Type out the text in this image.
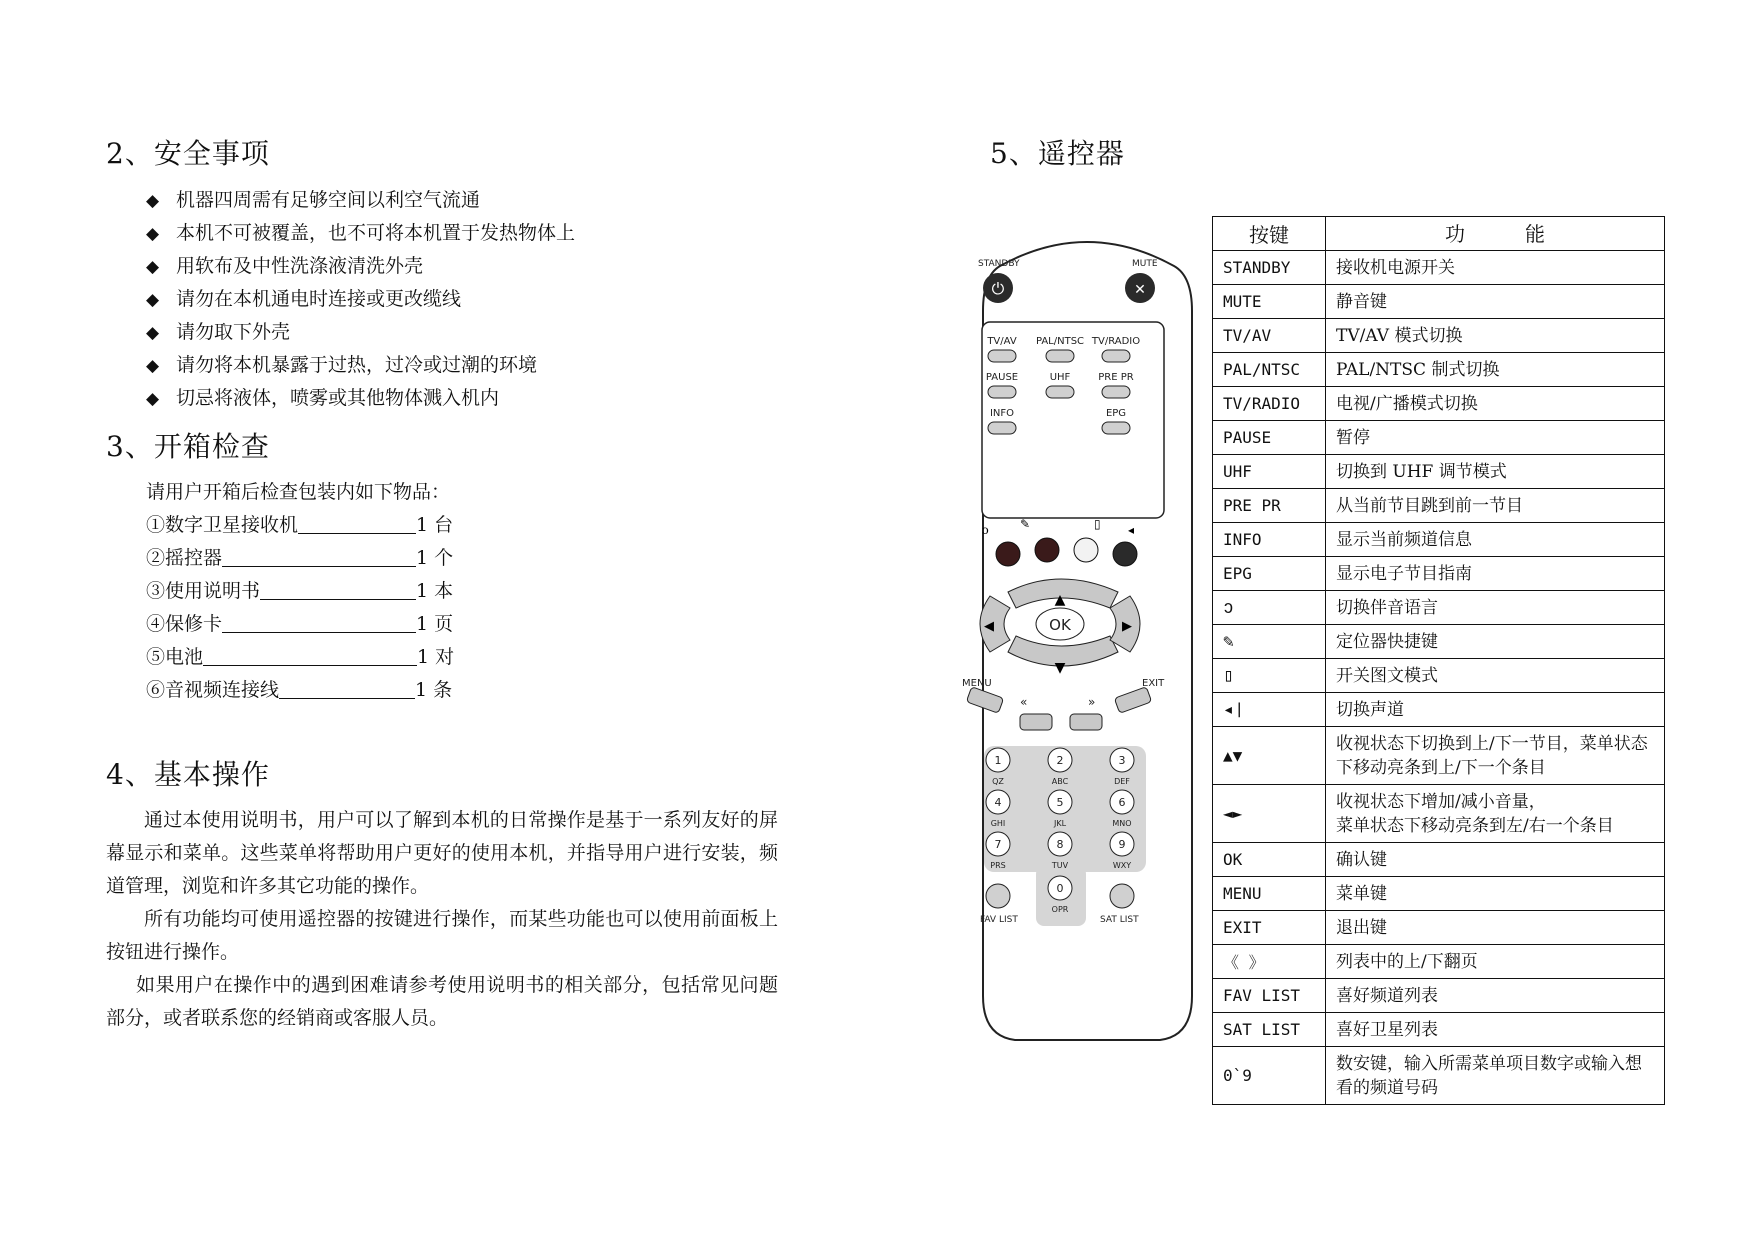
2、安全事项
◆ 机器四周需有足够空间以利空气流通
◆ 本机不可被覆盖，也不可将本机置于发热物体上
◆ 用软布及中性洗涤液清洗外壳
◆ 请勿在本机通电时连接或更改缆线
◆ 请勿取下外壳
◆ 请勿将本机暴露于过热，过冷或过潮的环境
◆ 切忌将液体，喷雾或其他物体溅入机内
3、开箱检查

请用户开箱后检查包装内如下物品：

①数字卫星接收机	1 台

②摇控器	1 个

③使用说明书	1 本

④保修卡	1 页

⑤电池	1 对

⑥音视频连接线	1 条

4、基本操作

通过本使用说明书，用户可以了解到本机的日常操作是基于一系列友好的屏幕显示和菜单。这些菜单将帮助用户更好的使用本机，并指导用户进行安装，频道管理，浏览和许多其它功能的操作。

所有功能均可使用遥控器的按键进行操作，而某些功能也可以使用前面板上按钮进行操作。

如果用户在操作中的遇到困难请参考使用说明书的相关部分，包括常见问题部分，或者联系您的经销商或客服人员。

5、遥控器
STANDBY
⏻
MUTE
✕
TV/AV PAL/NTSC TV/RADIO
PAUSE	UHF	PRE PR
INFO	EPG
ↄ	✎	▯ ◂
▲
▼
◀	▶
OK
MENU	EXIT
«	»
1
QZ
2
ABC
3
DEF
4
GHI
5
JKL
6
MNO
7
PRS
8
TUV
9
WXY
0
OPR
FAV LIST	SAT LIST
按键	功　　　能
STANDBY	接收机电源开关
MUTE	静音键
TV/AV	TV/AV 模式切换
PAL/NTSC	PAL/NTSC 制式切换
TV/RADIO	电视/广播模式切换
PAUSE	暂停
UHF	切换到 UHF 调节模式
PRE PR	从当前节目跳到前一节目
INFO	显示当前频道信息
EPG	显示电子节目指南
ↄ	切换伴音语言
✎	定位器快捷键
▯	开关图文模式
◂❘	切换声道
▲▼	收视状态下切换到上/下一节目，菜单状态下移动亮条到上/下一个条目
◄►	收视状态下增加/减小音量，
菜单状态下移动亮条到左/右一个条目
OK	确认键
MENU	菜单键
EXIT	退出键
《 》	列表中的上/下翻页
FAV LIST	喜好频道列表
SAT LIST	喜好卫星列表
0`9	数安键，输入所需菜单项目数字或输入想看的频道号码
